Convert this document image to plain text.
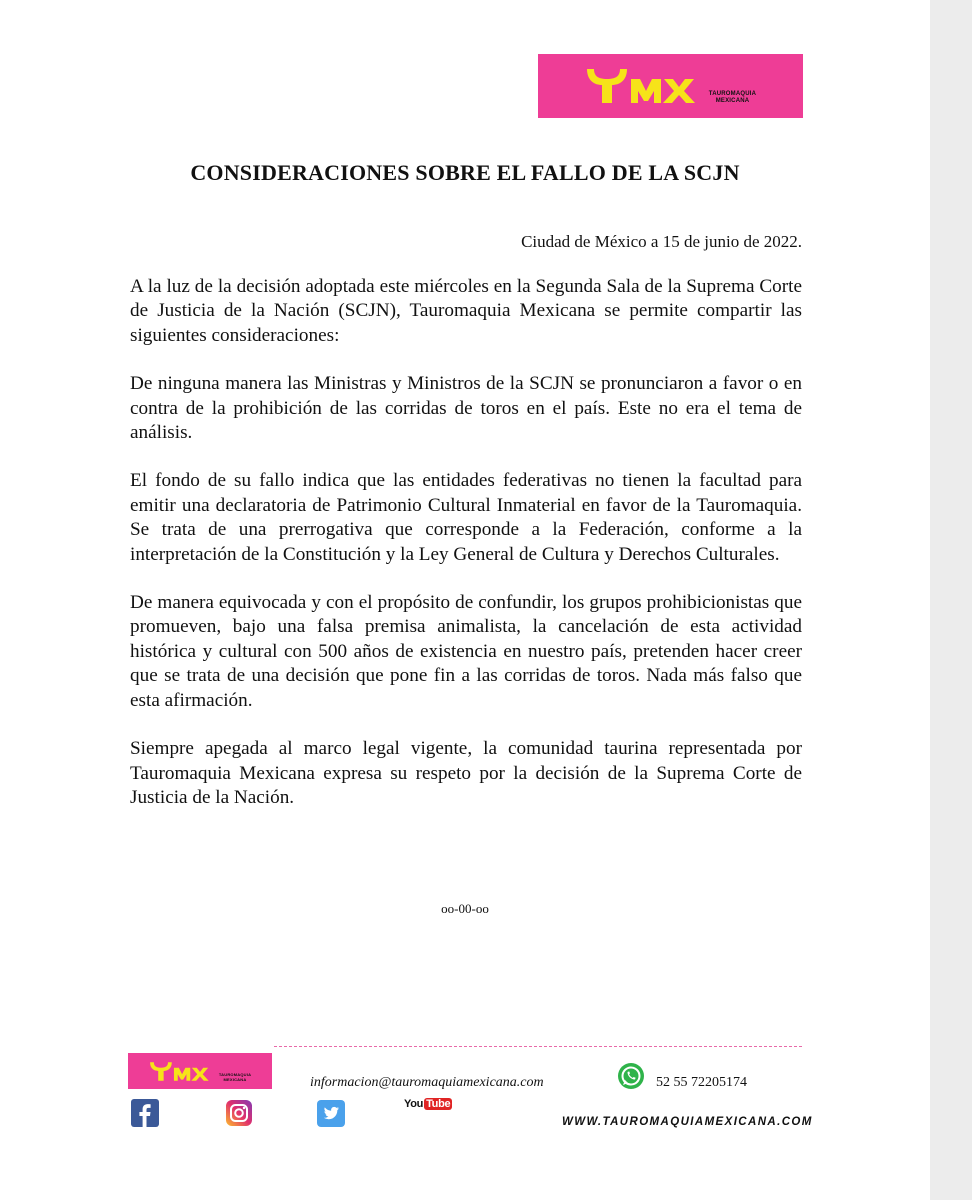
TAUROMAQUIA
MEXICANA
CONSIDERACIONES SOBRE EL FALLO DE LA SCJN
Ciudad de México a 15 de junio de 2022.

A la luz de la decisión adoptada este miércoles en la Segunda Sala de la Suprema Corte de Justicia de la Nación (SCJN), Tauromaquia Mexicana se permite compartir las siguientes consideraciones:

De ninguna manera las Ministras y Ministros de la SCJN se pronunciaron a favor o en contra de la prohibición de las corridas de toros en el país. Este no era el tema de análisis.

El fondo de su fallo indica que las entidades federativas no tienen la facultad para emitir una declaratoria de Patrimonio Cultural Inmaterial en favor de la Tauromaquia. Se trata de una prerrogativa que corresponde a la Federación, conforme a la interpretación de la Constitución y la Ley General de Cultura y Derechos Culturales.

De manera equivocada y con el propósito de confundir, los grupos prohibicionistas que promueven, bajo una falsa premisa animalista, la cancelación de esta actividad histórica y cultural con 500 años de existencia en nuestro país, pretenden hacer creer que se trata de una decisión que pone fin a las corridas de toros. Nada más falso que esta afirmación.

Siempre apegada al marco legal vigente, la comunidad taurina representada por Tauromaquia Mexicana expresa su respeto por la decisión de la Suprema Corte de Justicia de la Nación.

oo-00-oo
TAUROMAQUIA
MEXICANA	informacion@tauromaquiamexicana.com	52 55 72205174
You Tube
WWW.TAUROMAQUIAMEXICANA.COM
